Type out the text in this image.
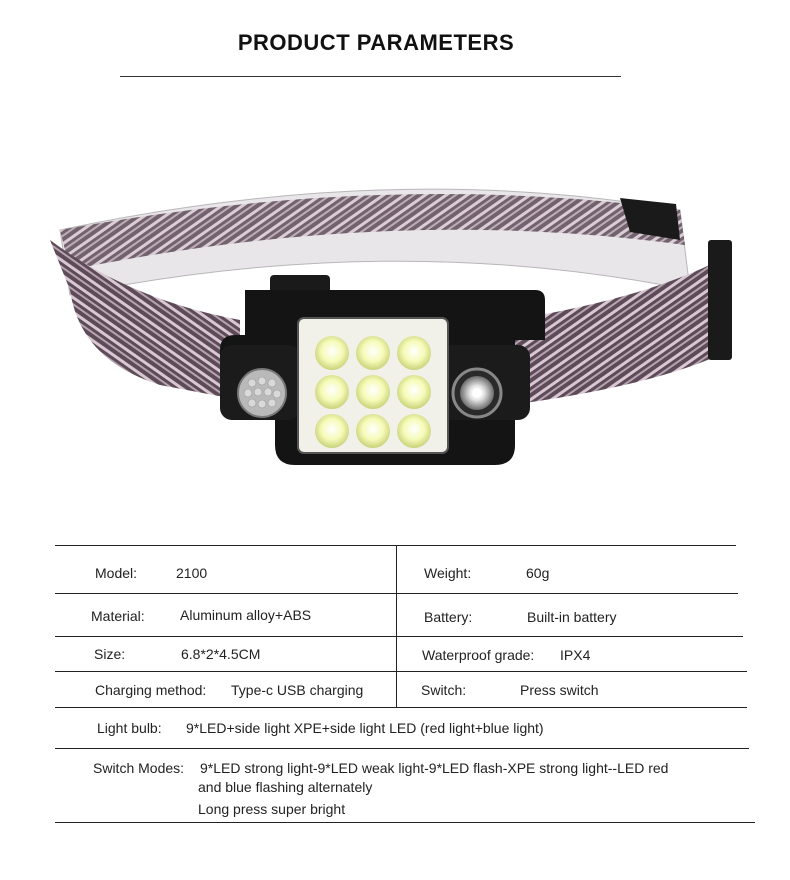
PRODUCT PARAMETERS
Model:	2100	Weight:	60g
Material:	Aluminum alloy+ABS	Battery:	Built-in battery
Size:	6.8*2*4.5CM	Waterproof grade: IPX4
Charging method: Type-c USB charging	Switch:	Press switch
Light bulb: 9*LED+side light XPE+side light LED (red light+blue light)
Switch Modes: 9*LED strong light-9*LED weak light-9*LED flash-XPE strong light--LED red
and blue flashing alternately
Long press super bright
